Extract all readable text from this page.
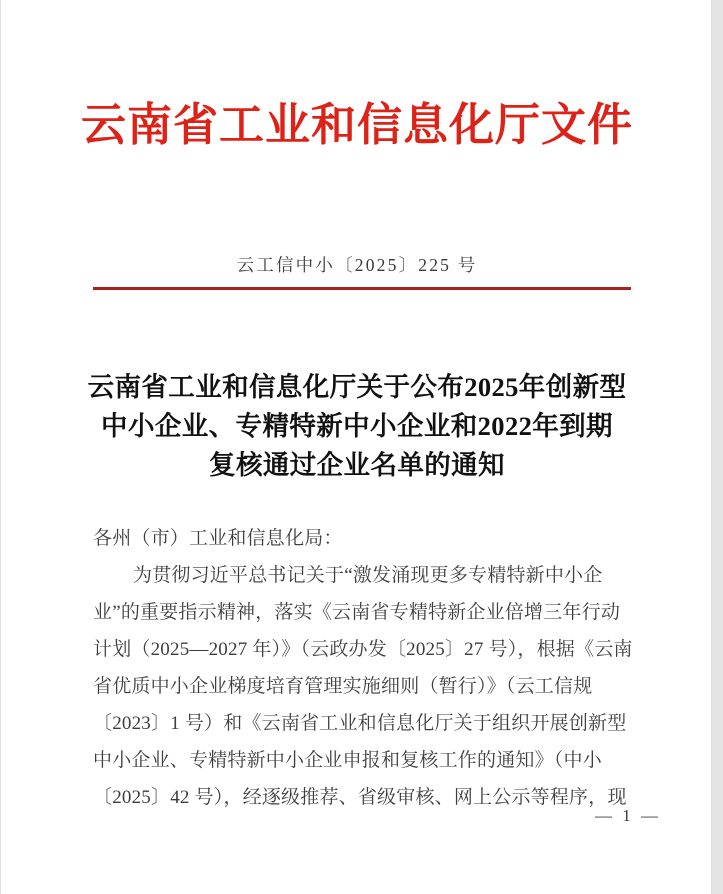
云南省工业和信息化厅文件
云工信中小〔2025〕225 号
云南省工业和信息化厅关于公布2025年创新型
中小企业、专精特新中小企业和2022年到期
复核通过企业名单的通知
各州（市）工业和信息化局：
为贯彻习近平总书记关于“激发涌现更多专精特新中小企
业”的重要指示精神，落实《云南省专精特新企业倍增三年行动
计划（2025—2027 年）》（云政办发〔2025〕27 号），根据《云南
省优质中小企业梯度培育管理实施细则（暂行）》（云工信规
〔2023〕1 号）和《云南省工业和信息化厅关于组织开展创新型
中小企业、专精特新中小企业申报和复核工作的通知》（中小
〔2025〕42 号），经逐级推荐、省级审核、网上公示等程序，现
— 1 —
